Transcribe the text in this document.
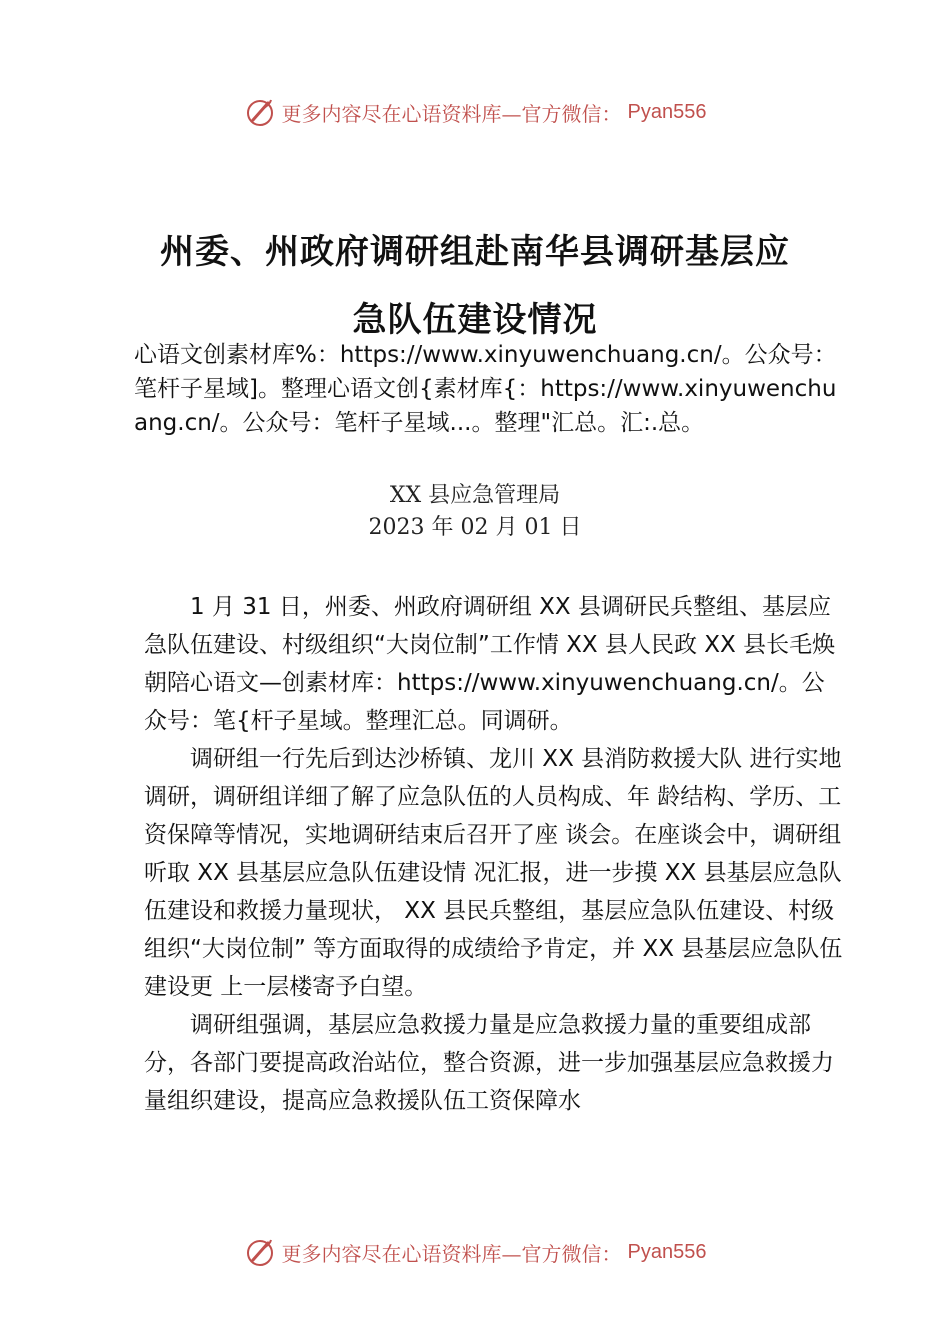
更多内容尽在心语资料库—官方微信： Pyan556
州委、州政府调研组赴南华县调研基层应
急队伍建设情况
心语文创素材库%：https://www.xinyuwenchuang.cn/。公众号：笔杆子星域]。整理心语文创{素材库{：https://www.xinyuwenchuang.cn/。公众号：笔杆子星域...。整理"汇总。汇:.总。
XX 县应急管理局
2023 年 02 月 01 日

1 月 31 日，州委、州政府调研组 XX 县调研民兵整组、基层应急队伍建设、村级组织“大岗位制”工作情 XX 县人民政 XX 县长毛焕朝陪心语文—创素材库：https://www.xinyuwenchuang.cn/。公众号：笔{杆子星域。整理汇总。同调研。

调研组一行先后到达沙桥镇、龙川 XX 县消防救援大队 进行实地调研，调研组详细了解了应急队伍的人员构成、年 龄结构、学历、工资保障等情况，实地调研结束后召开了座 谈会。在座谈会中，调研组听取 XX 县基层应急队伍建设情 况汇报，进一步摸 XX 县基层应急队伍建设和救援力量现状， XX 县民兵整组，基层应急队伍建设、村级组织“大岗位制” 等方面取得的成绩给予肯定，并 XX 县基层应急队伍建设更 上一层楼寄予⽩望。

调研组强调，基层应急救援力量是应急救援力量的重要组成部分，各部门要提高政治站位，整合资源，进一步加强基层应急救援力量组织建设，提高应急救援队伍工资保障水

更多内容尽在心语资料库—官方微信： Pyan556
